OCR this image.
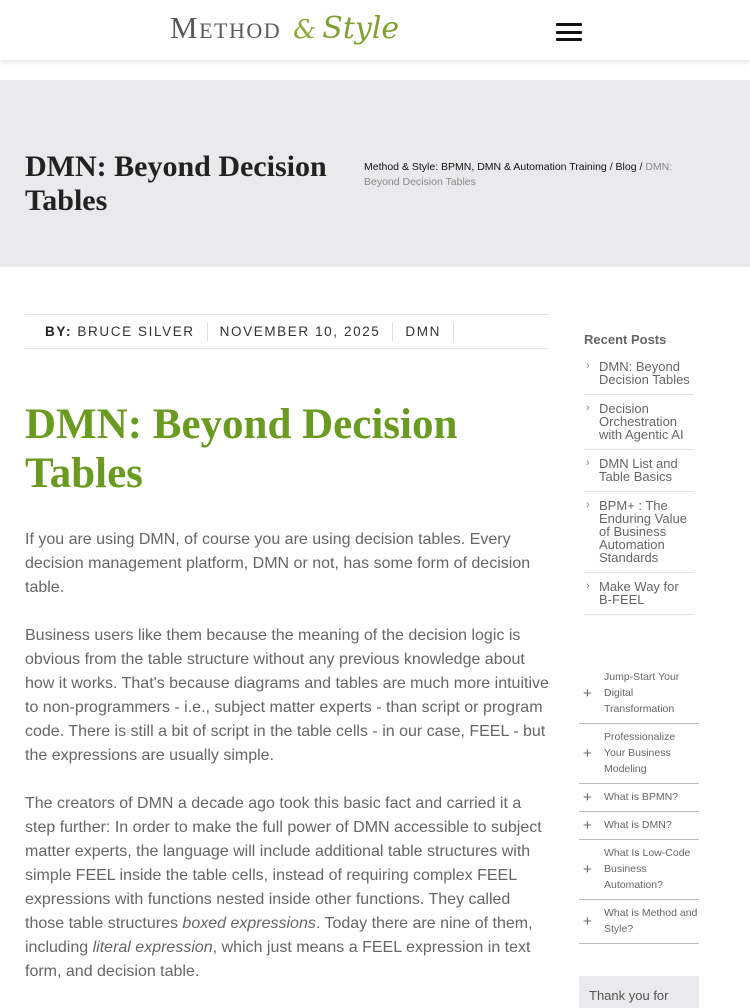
Method & Style
DMN: Beyond Decision Tables
Method & Style: BPMN, DMN & Automation Training / Blog / DMN: Beyond Decision Tables
BY: BRUCE SILVER	NOVEMBER 10, 2025	DMN
DMN: Beyond Decision Tables

If you are using DMN, of course you are using decision tables. Every decision management platform, DMN or not, has some form of decision table.

Business users like them because the meaning of the decision logic is obvious from the table structure without any previous knowledge about how it works. That's because diagrams and tables are much more intuitive to non-programmers - i.e., subject matter experts - than script or program code. There is still a bit of script in the table cells - in our case, FEEL - but the expressions are usually simple.

The creators of DMN a decade ago took this basic fact and carried it a step further: In order to make the full power of DMN accessible to subject matter experts, the language will include additional table structures with simple FEEL inside the table cells, instead of requiring complex FEEL expressions with functions nested inside other functions. They called those table structures boxed expressions. Today there are nine of them, including literal expression, which just means a FEEL expression in text form, and decision table.

Recent Posts
› DMN: Beyond Decision Tables
› Decision Orchestration with Agentic AI
› DMN List and Table Basics
› BPM+ : The Enduring Value of Business Automation Standards
› Make Way for B-FEEL
+
Jump-Start Your Digital Transformation
+
Professionalize Your Business Modeling
+ What is BPMN?
+ What is DMN?
+
What Is Low-Code Business Automation?
+ What is Method and Style?
Thank you for
